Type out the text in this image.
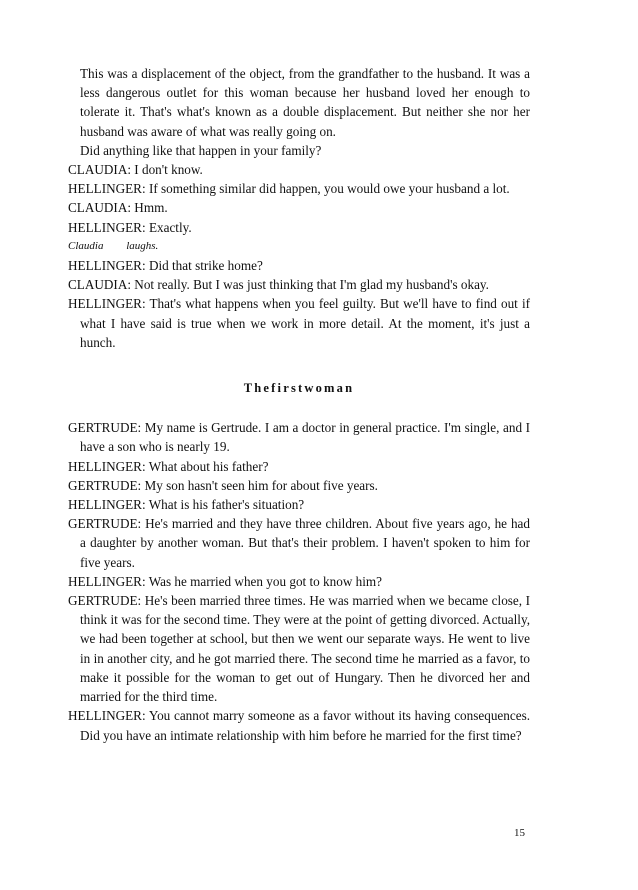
This was a displacement of the object, from the grandfather to the husband. It was a less dangerous outlet for this woman because her husband loved her enough to tolerate it. That's what's known as a double displacement. But neither she nor her husband was aware of what was really going on.

Did anything like that happen in your family?

CLAUDIA: I don't know.

HELLINGER: If something similar did happen, you would owe your husband a lot.

CLAUDIA: Hmm.

HELLINGER: Exactly.

Claudia laughs.

HELLINGER: Did that strike home?

CLAUDIA: Not really. But I was just thinking that I'm glad my husband's okay.

HELLINGER: That's what happens when you feel guilty. But we'll have to find out if what I have said is true when we work in more detail. At the moment, it's just a hunch.

Thefirstwoman

GERTRUDE: My name is Gertrude. I am a doctor in general practice. I'm single, and I have a son who is nearly 19.

HELLINGER: What about his father?

GERTRUDE: My son hasn't seen him for about five years.

HELLINGER: What is his father's situation?

GERTRUDE: He's married and they have three children. About five years ago, he had a daughter by another woman. But that's their problem. I haven't spoken to him for five years.

HELLINGER: Was he married when you got to know him?

GERTRUDE: He's been married three times. He was married when we became close, I think it was for the second time. They were at the point of getting divorced. Actually, we had been together at school, but then we went our separate ways. He went to live in in another city, and he got married there. The second time he married as a favor, to make it possible for the woman to get out of Hungary. Then he divorced her and married for the third time.

HELLINGER: You cannot marry someone as a favor without its having consequences. Did you have an intimate relationship with him before he married for the first time?

15
